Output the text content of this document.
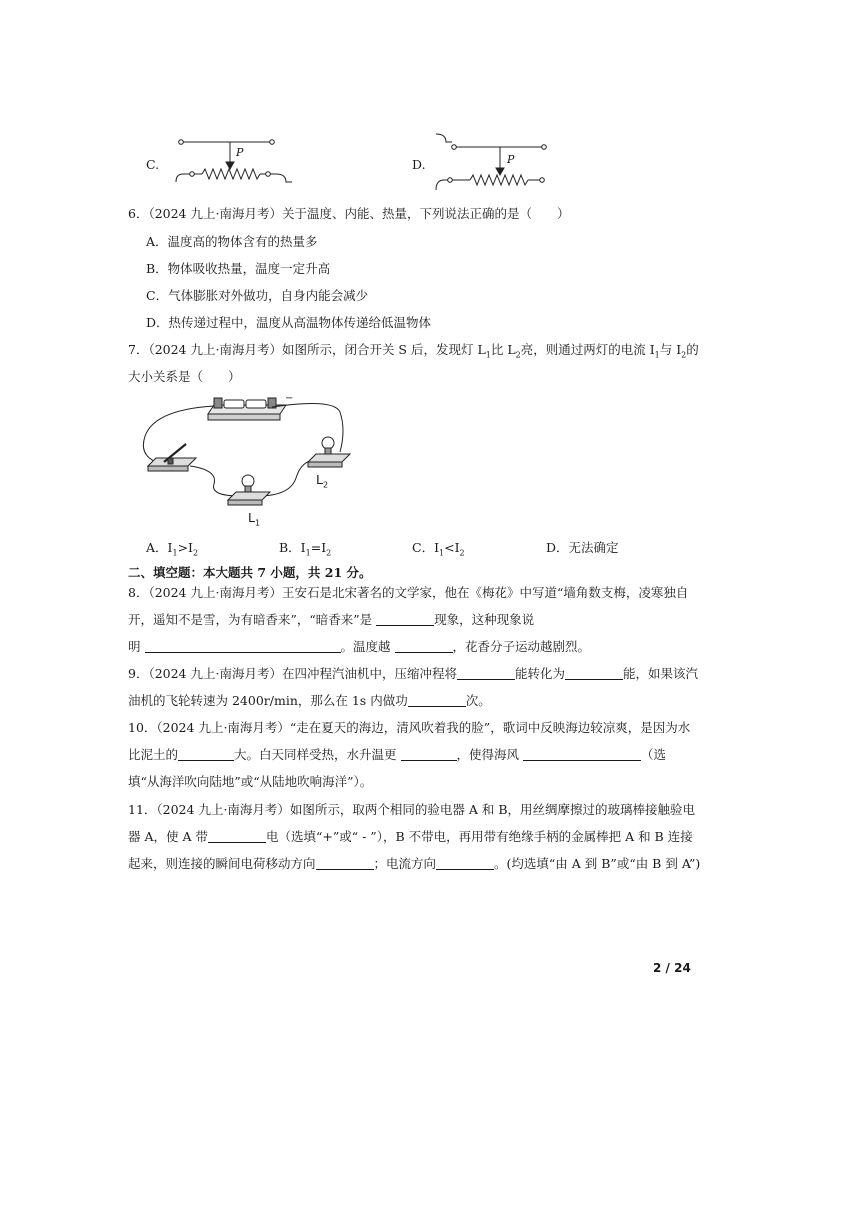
C.
P
D.	P
6．（2024 九上·南海月考）关于温度、内能、热量，下列说法正确的是（　　）
A．温度高的物体含有的热量多
B．物体吸收热量，温度一定升高
C．气体膨胀对外做功，自身内能会减少
D．热传递过程中，温度从高温物体传递给低温物体
7．（2024 九上·南海月考）如图所示，闭合开关 S 后，发现灯 $L_1$比 $L_2$亮，则通过两灯的电流 $I_1$与 $I_2$的
大小关系是（　　）
−
$L_2$
$L_1$
A．$I_1>I_2$	B．$I_1=I_2$	C．$I_1<I_2$	D．无法确定
二、填空题：本大题共 7 小题，共 21 分。
8．（2024 九上·南海月考）王安石是北宋著名的文学家，他在《梅花》中写道“墙角数支梅，凌寒独自
开，遥知不是雪，为有暗香来”，“暗香来”是	现象，这种现象说
明	。温度越	，花香分子运动越剧烈。
9．（2024 九上·南海月考）在四冲程汽油机中，压缩冲程将	能转化为	能，如果该汽
油机的飞轮转速为 2400r/min，那么在 1s 内做功	次。
10．（2024 九上·南海月考）“走在夏天的海边，清风吹着我的脸”，歌词中反映海边较凉爽，是因为水
比泥土的	大。白天同样受热，水升温更	，使得海风	（选
填“从海洋吹向陆地”或“从陆地吹响海洋”）。
11．（2024 九上·南海月考）如图所示，取两个相同的验电器 A 和 B，用丝绸摩擦过的玻璃棒接触验电
器 A，使 A 带	电（选填“+”或“ - ”），B 不带电，再用带有绝缘手柄的金属棒把 A 和 B 连接
起来，则连接的瞬间电荷移动方向	；电流方向	。(均选填“由 A 到 B”或“由 B 到 A”)
2 / 24
